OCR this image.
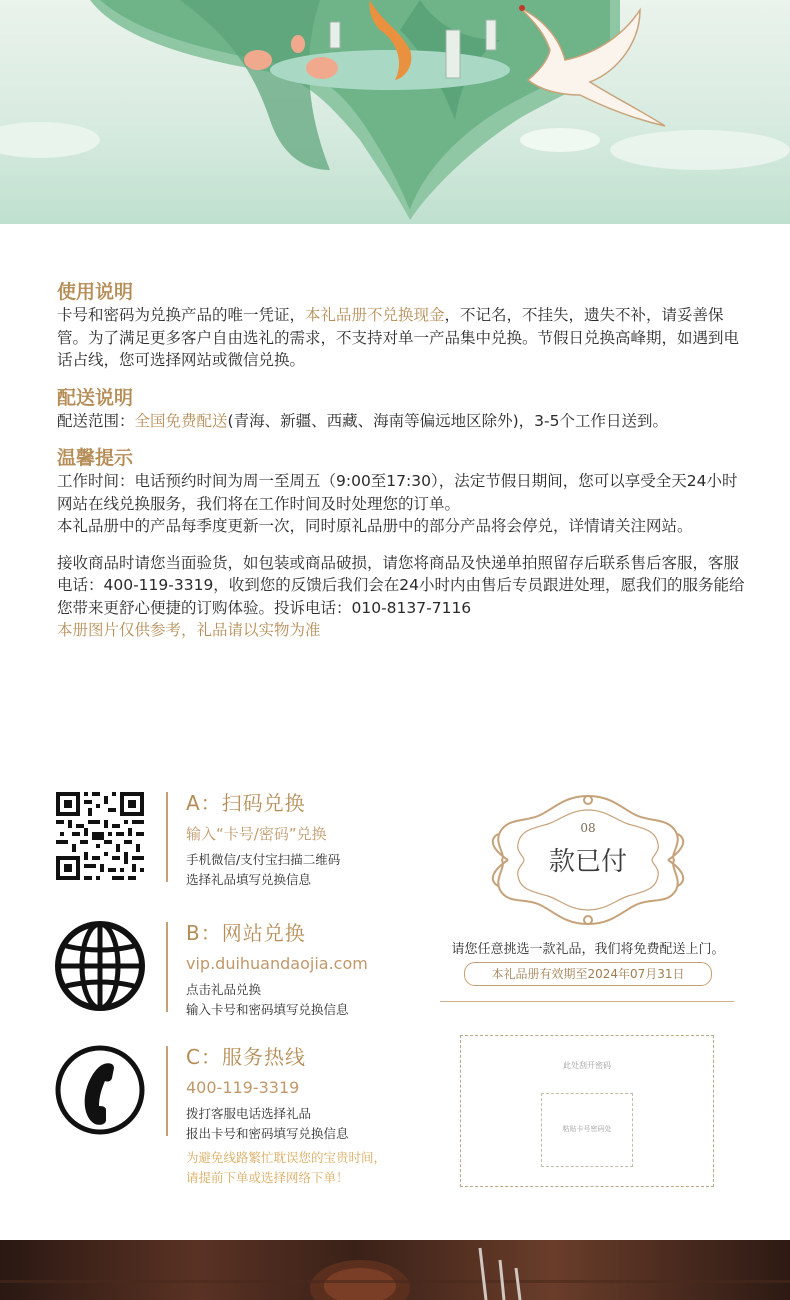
使用说明

卡号和密码为兑换产品的唯一凭证，本礼品册不兑换现金，不记名，不挂失，遗失不补，请妥善保管。为了满足更多客户自由选礼的需求，不支持对单一产品集中兑换。节假日兑换高峰期，如遇到电话占线，您可选择网站或微信兑换。

配送说明

配送范围：全国免费配送(青海、新疆、西藏、海南等偏远地区除外)，3-5个工作日送到。

温馨提示

工作时间：电话预约时间为周一至周五（9:00至17:30），法定节假日期间，您可以享受全天24小时网站在线兑换服务，我们将在工作时间及时处理您的订单。

本礼品册中的产品每季度更新一次，同时原礼品册中的部分产品将会停兑，详情请关注网站。

接收商品时请您当面验货，如包装或商品破损，请您将商品及快递单拍照留存后联系售后客服，客服电话：400-119-3319，收到您的反馈后我们会在24小时内由售后专员跟进处理，愿我们的服务能给您带来更舒心便捷的订购体验。投诉电话：010-8137-7116

本册图片仅供参考，礼品请以实物为准

A：扫码兑换
输入“卡号/密码”兑换
手机微信/支付宝扫描二维码
选择礼品填写兑换信息
B：网站兑换
vip.duihuandaojia.com
点击礼品兑换
输入卡号和密码填写兑换信息
C：服务热线
400-119-3319
拨打客服电话选择礼品
报出卡号和密码填写兑换信息
为避免线路繁忙耽误您的宝贵时间，
请提前下单或选择网络下单！
08
款已付
请您任意挑选一款礼品，我们将免费配送上门。
本礼品册有效期至2024年07月31日
此处刮开密码
粘贴卡号密码处
